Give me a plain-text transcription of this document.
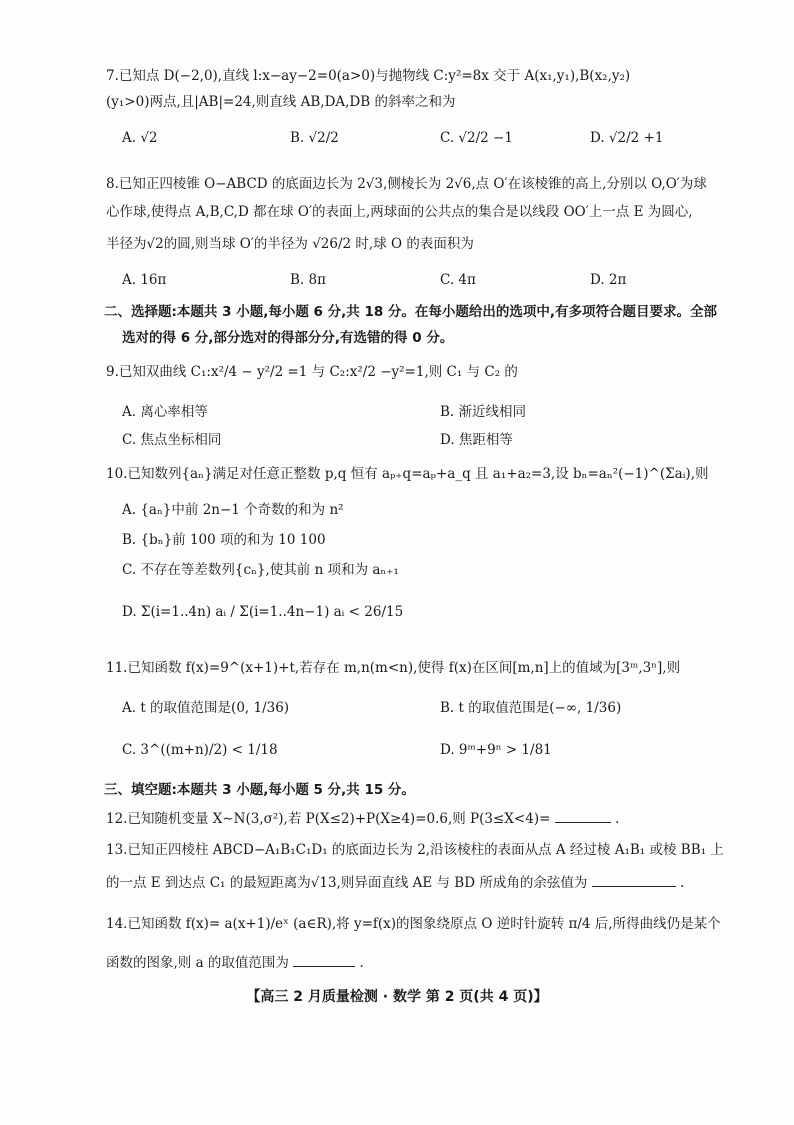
7.已知点 D(−2,0),直线 l:x−ay−2=0(a>0)与抛物线 C:y²=8x 交于 A(x₁,y₁),B(x₂,y₂)
(y₁>0)两点,且|AB|=24,则直线 AB,DA,DB 的斜率之和为
A. √2	B. √2/2	C. √2/2 −1	D. √2/2 +1
8.已知正四棱锥 O−ABCD 的底面边长为 2√3,侧棱长为 2√6,点 O′在该棱锥的高上,分别以 O,O′为球
心作球,使得点 A,B,C,D 都在球 O′的表面上,两球面的公共点的集合是以线段 OO′上一点 E 为圆心,
半径为√2的圆,则当球 O′的半径为 √26/2 时,球 O 的表面积为
A. 16π	B. 8π	C. 4π	D. 2π
二、选择题:本题共 3 小题,每小题 6 分,共 18 分。在每小题给出的选项中,有多项符合题目要求。全部
选对的得 6 分,部分选对的得部分分,有选错的得 0 分。
9.已知双曲线 C₁:x²/4 − y²/2 =1 与 C₂:x²/2 −y²=1,则 C₁ 与 C₂ 的
A. 离心率相等	B. 渐近线相同
C. 焦点坐标相同	D. 焦距相等
10.已知数列{aₙ}满足对任意正整数 p,q 恒有 aₚ₊q=aₚ+a_q 且 a₁+a₂=3,设 bₙ=aₙ²(−1)^(Σaᵢ),则
A. {aₙ}中前 2n−1 个奇数的和为 n²
B. {bₙ}前 100 项的和为 10 100
C. 不存在等差数列{cₙ},使其前 n 项和为 aₙ₊₁
D. Σ(i=1..4n) aᵢ / Σ(i=1..4n−1) aᵢ < 26/15
11.已知函数 f(x)=9^(x+1)+t,若存在 m,n(m<n),使得 f(x)在区间[m,n]上的值域为[3ᵐ,3ⁿ],则
A. t 的取值范围是(0, 1/36)	B. t 的取值范围是(−∞, 1/36)
C. 3^((m+n)/2) < 1/18	D. 9ᵐ+9ⁿ > 1/81
三、填空题:本题共 3 小题,每小题 5 分,共 15 分。
12.已知随机变量 X∼N(3,σ²),若 P(X≤2)+P(X≥4)=0.6,则 P(3≤X<4)=	.
13.已知正四棱柱 ABCD−A₁B₁C₁D₁ 的底面边长为 2,沿该棱柱的表面从点 A 经过棱 A₁B₁ 或棱 BB₁ 上
的一点 E 到达点 C₁ 的最短距离为√13,则异面直线 AE 与 BD 所成角的余弦值为	.
14.已知函数 f(x)= a(x+1)/eˣ (a∈R),将 y=f(x)的图象绕原点 O 逆时针旋转 π/4 后,所得曲线仍是某个
函数的图象,则 a 的取值范围为	.
【高三 2 月质量检测 · 数学 第 2 页(共 4 页)】
